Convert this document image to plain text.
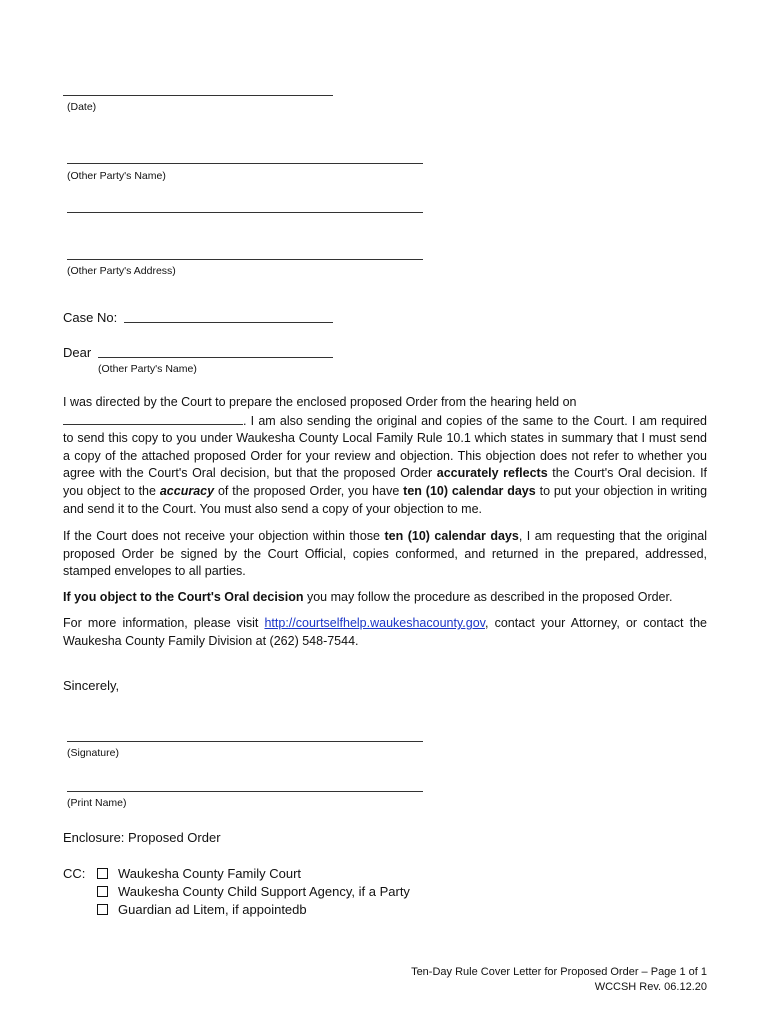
(Date)
(Other Party's Name)
(Other Party's Address)
Case No:
Dear
(Other Party's Name)
I was directed by the Court to prepare the enclosed proposed Order from the hearing held on
. I am also sending the original and copies of the same to the Court. I am required to send this copy to you under Waukesha County Local Family Rule 10.1 which states in summary that I must send a copy of the attached proposed Order for your review and objection. This objection does not refer to whether you agree with the Court's Oral decision, but that the proposed Order accurately reflects the Court's Oral decision. If you object to the accuracy of the proposed Order, you have ten (10) calendar days to put your objection in writing and send it to the Court. You must also send a copy of your objection to me.
If the Court does not receive your objection within those ten (10) calendar days, I am requesting that the original proposed Order be signed by the Court Official, copies conformed, and returned in the prepared, addressed, stamped envelopes to all parties.
If you object to the Court's Oral decision you may follow the procedure as described in the proposed Order.
For more information, please visit http://courtselfhelp.waukeshacounty.gov, contact your Attorney, or contact the Waukesha County Family Division at (262) 548-7544.
Sincerely,
(Signature)
(Print Name)
Enclosure: Proposed Order
CC:	Waukesha County Family Court
Waukesha County Child Support Agency, if a Party
Guardian ad Litem, if appointedb
Ten-Day Rule Cover Letter for Proposed Order – Page 1 of 1
WCCSH Rev. 06.12.20
